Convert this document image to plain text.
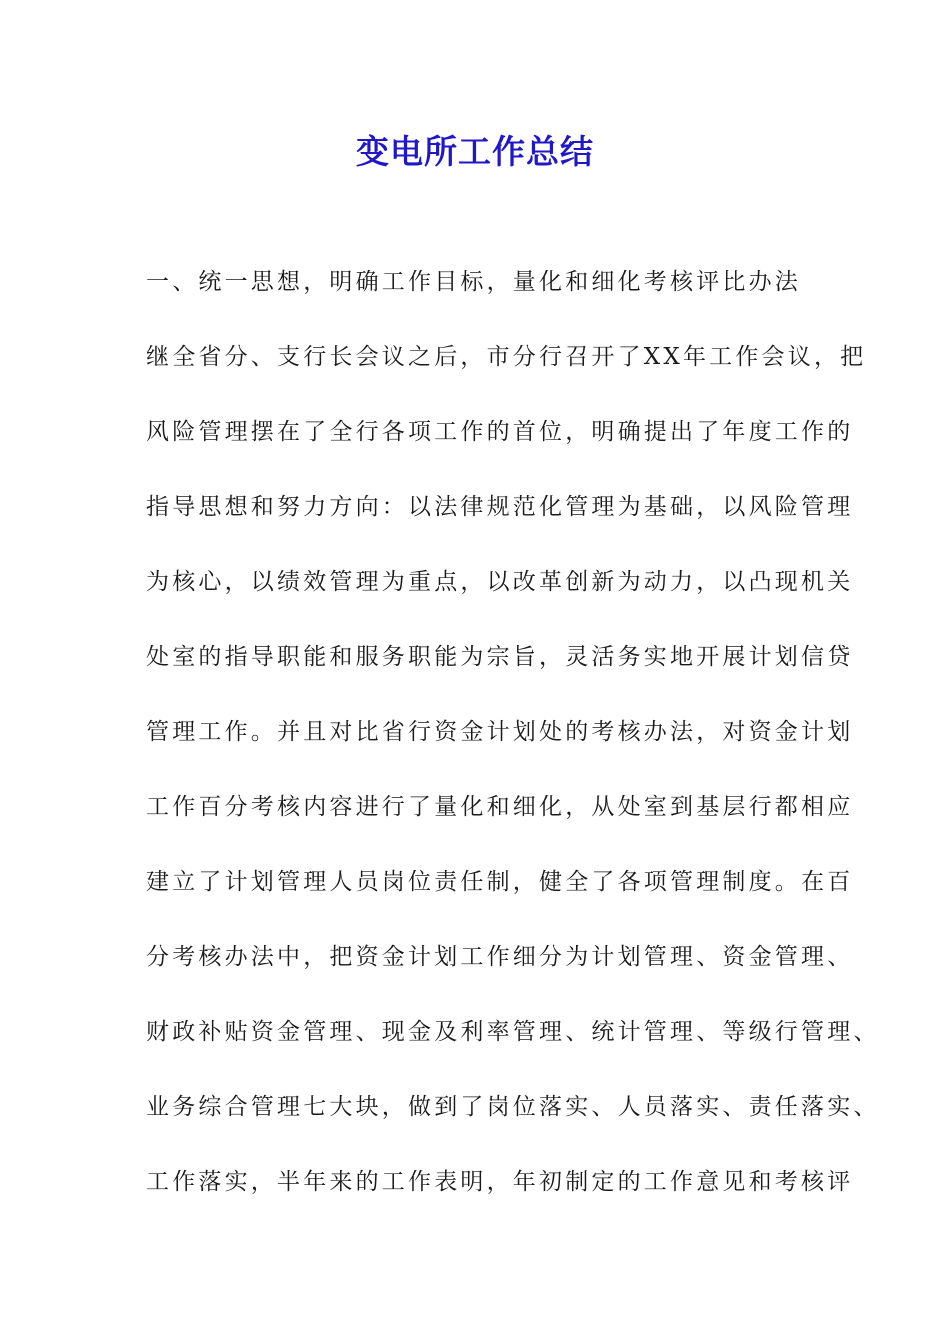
变电所工作总结

一、统一思想，明确工作目标，量化和细化考核评比办法

继全省分、支行长会议之后，市分行召开了XX年工作会议，把

风险管理摆在了全行各项工作的首位，明确提出了年度工作的

指导思想和努力方向：以法律规范化管理为基础，以风险管理

为核心，以绩效管理为重点，以改革创新为动力，以凸现机关

处室的指导职能和服务职能为宗旨，灵活务实地开展计划信贷

管理工作。并且对比省行资金计划处的考核办法，对资金计划

工作百分考核内容进行了量化和细化，从处室到基层行都相应

建立了计划管理人员岗位责任制，健全了各项管理制度。在百

分考核办法中，把资金计划工作细分为计划管理、资金管理、

财政补贴资金管理、现金及利率管理、统计管理、等级行管理、

业务综合管理七大块，做到了岗位落实、人员落实、责任落实、

工作落实，半年来的工作表明，年初制定的工作意见和考核评
